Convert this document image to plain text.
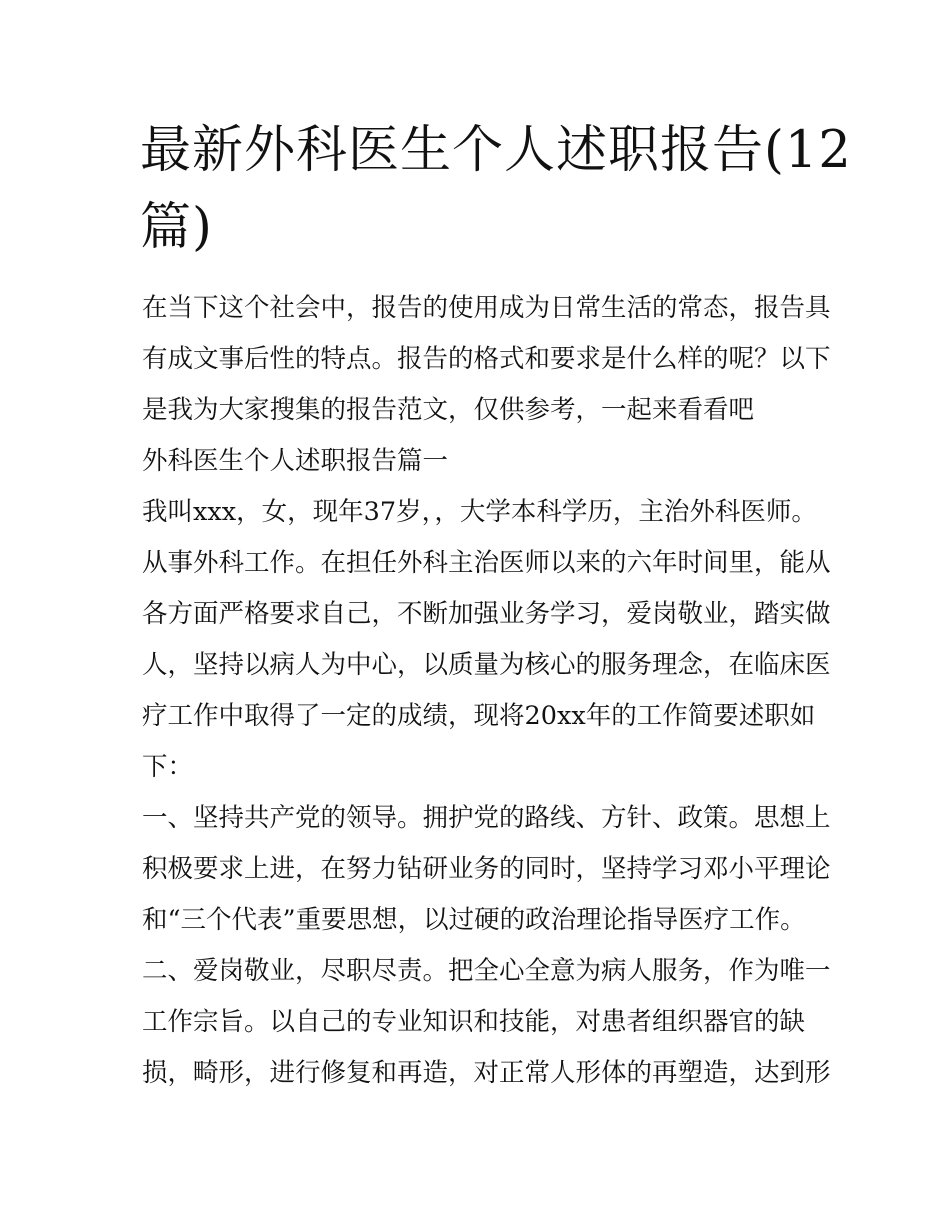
最新外科医生个人述职报告(12
篇)
在当下这个社会中，报告的使用成为日常生活的常态，报告具
有成文事后性的特点。报告的格式和要求是什么样的呢？以下
是我为大家搜集的报告范文，仅供参考，一起来看看吧
外科医生个人述职报告篇一
我叫xxx，女，现年37岁，，大学本科学历，主治外科医师。
从事外科工作。在担任外科主治医师以来的六年时间里，能从
各方面严格要求自己，不断加强业务学习，爱岗敬业，踏实做
人，坚持以病人为中心，以质量为核心的服务理念，在临床医
疗工作中取得了一定的成绩，现将20xx年的工作简要述职如
下：
一、坚持共产党的领导。拥护党的路线、方针、政策。思想上
积极要求上进，在努力钻研业务的同时，坚持学习邓小平理论
和“三个代表”重要思想，以过硬的政治理论指导医疗工作。
二、爱岗敬业，尽职尽责。把全心全意为病人服务，作为唯一
工作宗旨。以自己的专业知识和技能，对患者组织器官的缺
损，畸形，进行修复和再造，对正常人形体的再塑造，达到形
